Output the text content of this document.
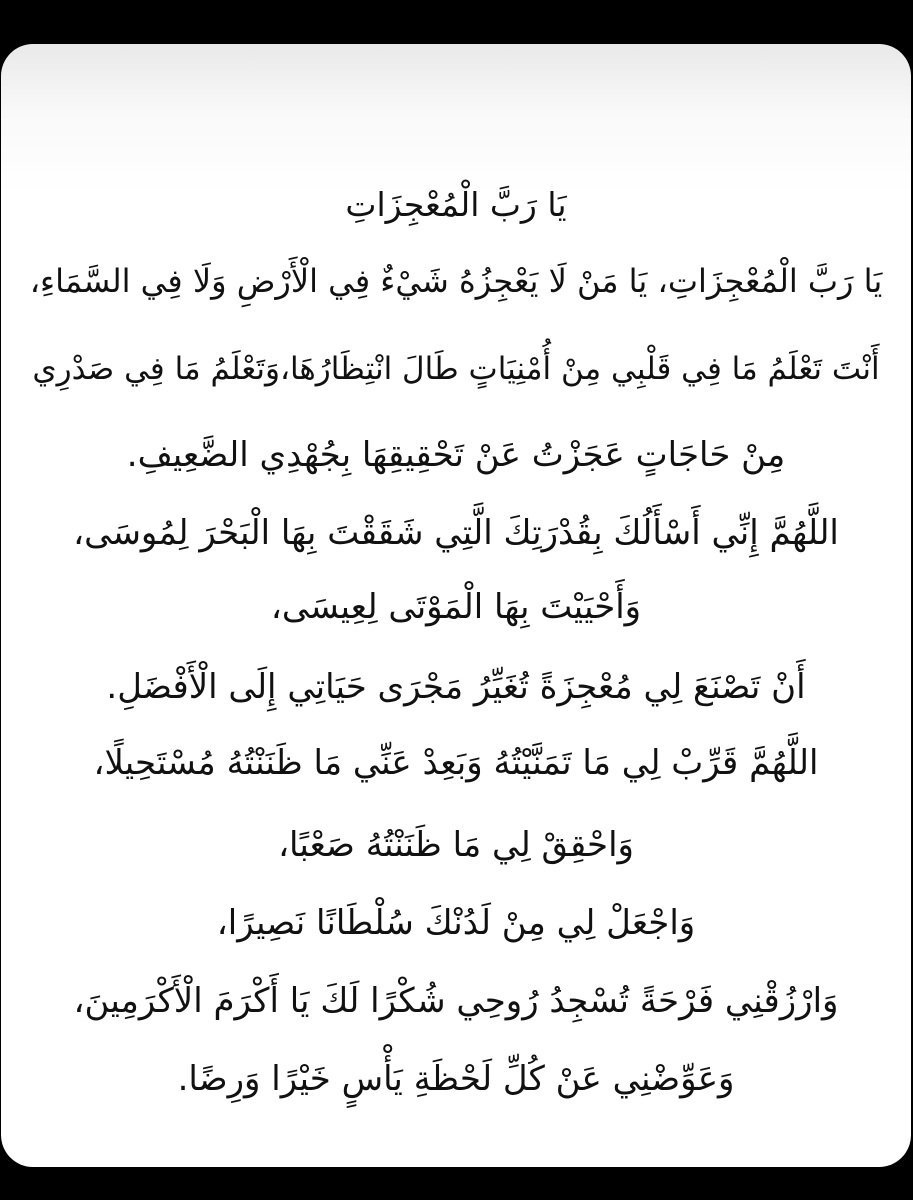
يَا رَبَّ الْمُعْجِزَاتِ
يَا رَبَّ الْمُعْجِزَاتِ، يَا مَنْ لَا يَعْجِزُهُ شَيْءٌ فِي الْأَرْضِ وَلَا فِي السَّمَاءِ،
أَنْتَ تَعْلَمُ مَا فِي قَلْبِي مِنْ أُمْنِيَاتٍ طَالَ انْتِظَارُهَا،وَتَعْلَمُ مَا فِي صَدْرِي
مِنْ حَاجَاتٍ عَجَزْتُ عَنْ تَحْقِيقِهَا بِجُهْدِي الضَّعِيفِ.
اللَّهُمَّ إِنِّي أَسْأَلُكَ بِقُدْرَتِكَ الَّتِي شَقَقْتَ بِهَا الْبَحْرَ لِمُوسَى،
وَأَحْيَيْتَ بِهَا الْمَوْتَى لِعِيسَى،
أَنْ تَصْنَعَ لِي مُعْجِزَةً تُغَيِّرُ مَجْرَى حَيَاتِي إِلَى الْأَفْضَلِ.
اللَّهُمَّ قَرِّبْ لِي مَا تَمَنَّيْتُهُ وَبَعِدْ عَنِّي مَا ظَنَنْتُهُ مُسْتَحِيلًا،
وَاحْقِقْ لِي مَا ظَنَنْتُهُ صَعْبًا،
وَاجْعَلْ لِي مِنْ لَدُنْكَ سُلْطَانًا نَصِيرًا،
وَارْزُقْنِي فَرْحَةً تُسْجِدُ رُوحِي شُكْرًا لَكَ يَا أَكْرَمَ الْأَكْرَمِينَ،
وَعَوِّضْنِي عَنْ كُلِّ لَحْظَةِ يَأْسٍ خَيْرًا وَرِضًا.
